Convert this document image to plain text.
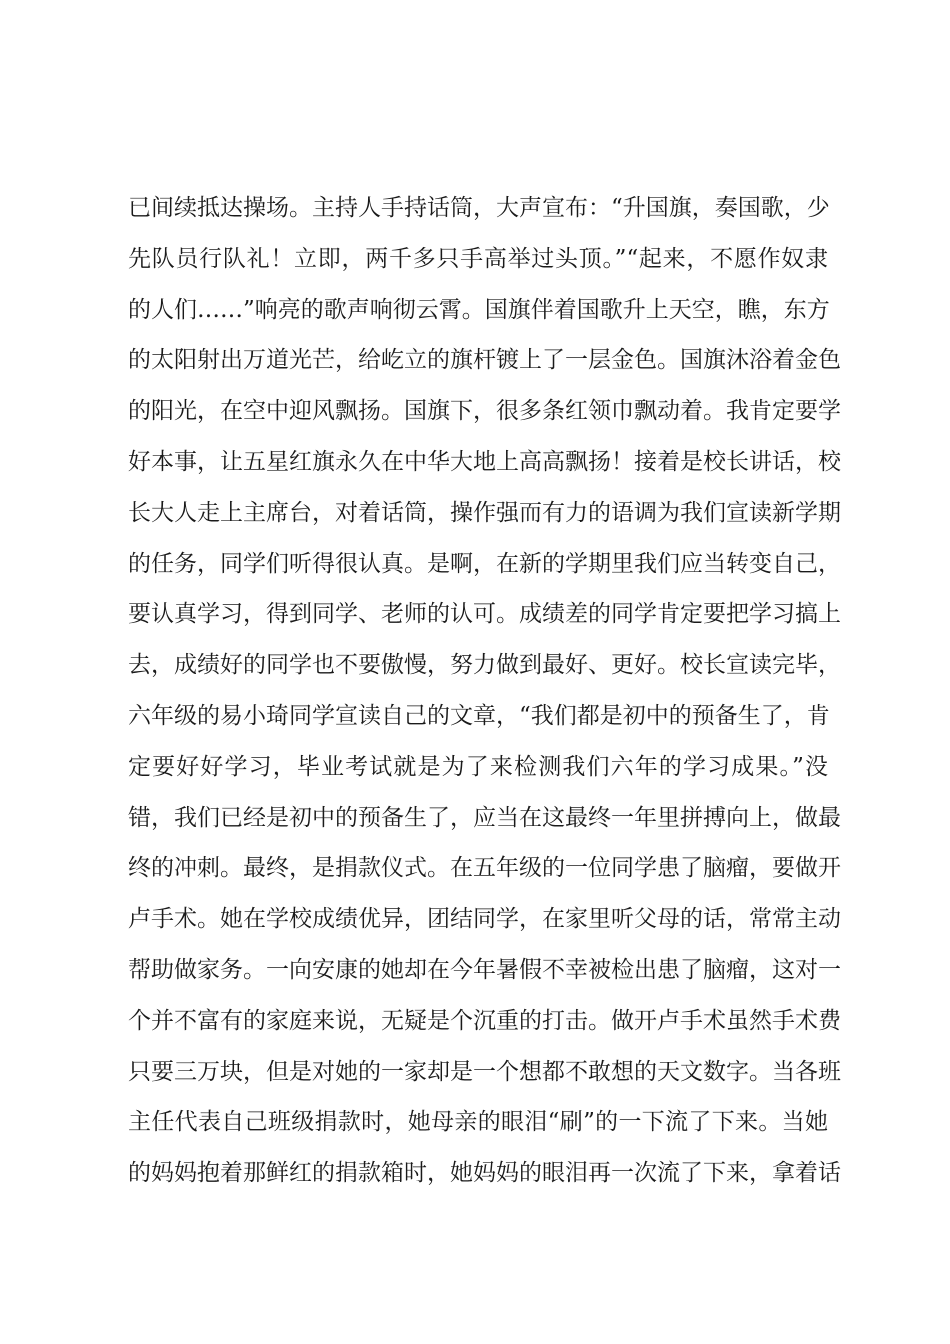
已间续抵达操场。主持人手持话筒，大声宣布：“升国旗，奏国歌，少
先队员行队礼！立即，两千多只手高举过头顶。”“起来，不愿作奴隶
的人们……”响亮的歌声响彻云霄。国旗伴着国歌升上天空，瞧，东方
的太阳射出万道光芒，给屹立的旗杆镀上了一层金色。国旗沐浴着金色
的阳光，在空中迎风飘扬。国旗下，很多条红领巾飘动着。我肯定要学
好本事，让五星红旗永久在中华大地上高高飘扬！接着是校长讲话，校
长大人走上主席台，对着话筒，操作强而有力的语调为我们宣读新学期
的任务，同学们听得很认真。是啊，在新的学期里我们应当转变自己，
要认真学习，得到同学、老师的认可。成绩差的同学肯定要把学习搞上
去，成绩好的同学也不要傲慢，努力做到最好、更好。校长宣读完毕，
六年级的易小琦同学宣读自己的文章，“我们都是初中的预备生了，肯
定要好好学习，毕业考试就是为了来检测我们六年的学习成果。”没
错，我们已经是初中的预备生了，应当在这最终一年里拼搏向上，做最
终的冲刺。最终，是捐款仪式。在五年级的一位同学患了脑瘤，要做开
卢手术。她在学校成绩优异，团结同学，在家里听父母的话，常常主动
帮助做家务。一向安康的她却在今年暑假不幸被检出患了脑瘤，这对一
个并不富有的家庭来说，无疑是个沉重的打击。做开卢手术虽然手术费
只要三万块，但是对她的一家却是一个想都不敢想的天文数字。当各班
主任代表自己班级捐款时，她母亲的眼泪“刷”的一下流了下来。当她
的妈妈抱着那鲜红的捐款箱时，她妈妈的眼泪再一次流了下来，拿着话
